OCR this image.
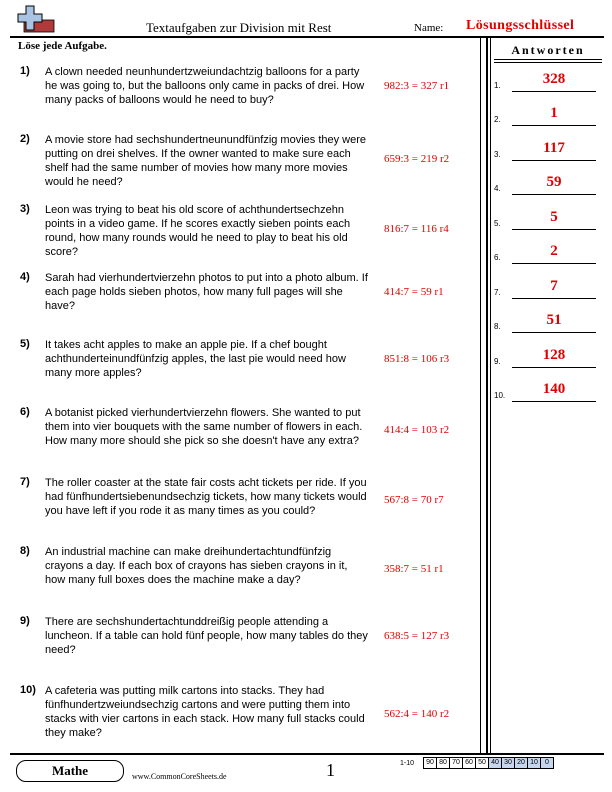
Textaufgaben zur Division mit Rest	Name: Lösungsschlüssel
Löse jede Aufgabe.	Antworten
1) A clown needed neunhundertzweiundachtzig balloons for a party he was going to, but the balloons only came in packs of drei. How many packs of balloons would he need to buy?
982:3 = 327 r1
2) A movie store had sechshundertneunundfünfzig movies they were putting on drei shelves. If the owner wanted to make sure each shelf had the same number of movies how many more movies would he need?
659:3 = 219 r2
3) Leon was trying to beat his old score of achthundertsechzehn points in a video game. If he scores exactly sieben points each round, how many rounds would he need to play to beat his old score?
816:7 = 116 r4
4) Sarah had vierhundertvierzehn photos to put into a photo album. If each page holds sieben photos, how many full pages will she have?
414:7 = 59 r1
5) It takes acht apples to make an apple pie. If a chef bought achthunderteinundfünfzig apples, the last pie would need how many more apples?
851:8 = 106 r3
6) A botanist picked vierhundertvierzehn flowers. She wanted to put them into vier bouquets with the same number of flowers in each. How many more should she pick so she doesn't have any extra?
414:4 = 103 r2
7) The roller coaster at the state fair costs acht tickets per ride. If you had fünfhundertsiebenundsechzig tickets, how many tickets would you have left if you rode it as many times as you could?
567:8 = 70 r7
8) An industrial machine can make dreihundertachtundfünfzig crayons a day. If each box of crayons has sieben crayons in it, how many full boxes does the machine make a day?
358:7 = 51 r1
9) There are sechshundertachtunddreißig people attending a luncheon. If a table can hold fünf people, how many tables do they need?
638:5 = 127 r3
10) A cafeteria was putting milk cartons into stacks. They had fünfhundertzweiundsechzig cartons and were putting them into stacks with vier cartons in each stack. How many full stacks could they make?
562:4 = 140 r2
1.	328
2.	1
3.	117
4.	59
5.	5
6.	2
7.	7
8.	51
9.	128
10.	140
Mathe	www.CommonCoreSheets.de	1	1-10	90 80 70 60 50 40 30 20 10	0
